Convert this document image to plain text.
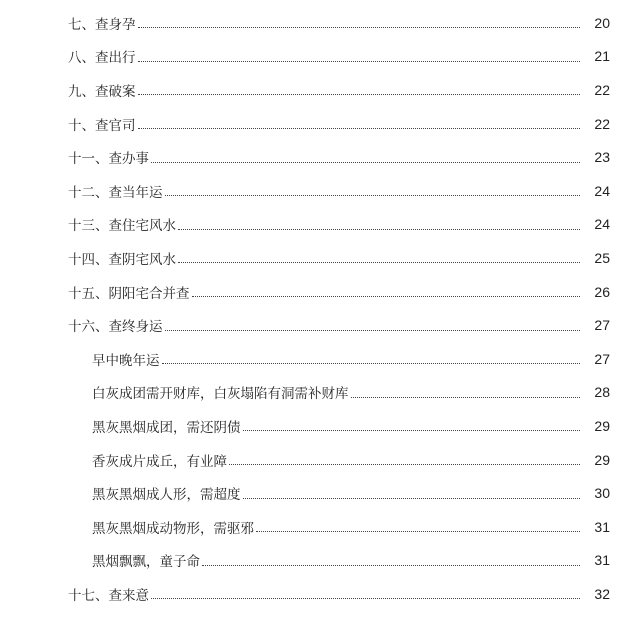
七、查身孕	20
八、查出行	21
九、查破案	22
十、查官司	22
十一、查办事	23
十二、查当年运	24
十三、查住宅风水	24
十四、查阴宅风水	25
十五、阴阳宅合并查	26
十六、查终身运	27
早中晚年运	27
白灰成团需开财库，白灰塌陷有洞需补财库	28
黑灰黑烟成团，需还阴债	29
香灰成片成丘，有业障	29
黑灰黑烟成人形，需超度	30
黑灰黑烟成动物形，需驱邪	31
黑烟飘飘，童子命	31
十七、查来意	32
